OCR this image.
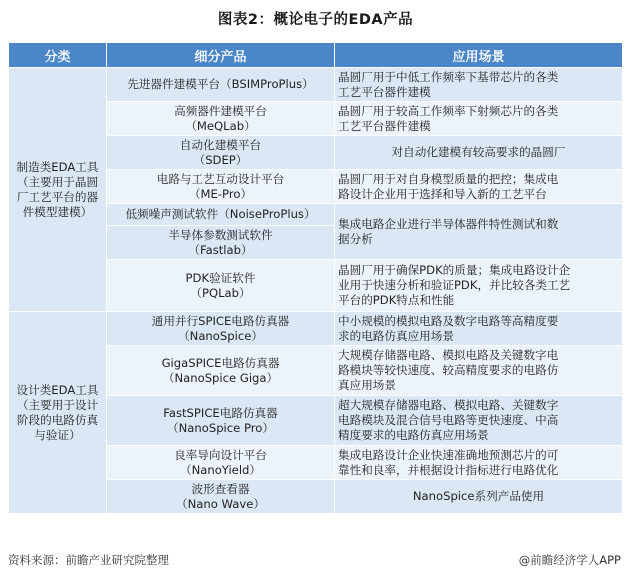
图表2：概论电子的EDA产品
分类	细分产品	应用场景
制造类EDA工具
（主要用于晶圆
厂工艺平台的器
件模型建模）	先进器件建模平台（BSIMProPlus）	晶圆厂用于中低工作频率下基带芯片的各类
工艺平台器件建模
	高频器件建模平台
（MeQLab）	晶圆厂用于较高工作频率下射频芯片的各类
工艺平台器件建模
	自动化建模平台
（SDEP）	对自动化建模有较高要求的晶圆厂
	电路与工艺互动设计平台
（ME-Pro）	晶圆厂用于对自身模型质量的把控；集成电
路设计企业用于选择和导入新的工艺平台
	低频噪声测试软件（NoiseProPlus）	集成电路企业进行半导体器件特性测试和数
据分析
	半导体参数测试软件
（Fastlab）	
	PDK验证软件
（PQLab）	晶圆厂用于确保PDK的质量；集成电路设计企
业用于快速分析和验证PDK，并比较各类工艺
平台的PDK特点和性能
设计类EDA工具
（主要用于设计
阶段的电路仿真
与验证）	通用并行SPICE电路仿真器
（NanoSpice）	中小规模的模拟电路及数字电路等高精度要
求的电路仿真应用场景
	GigaSPICE电路仿真器
（NanoSpice Giga）	大规模存储器电路、模拟电路及关键数字电
路模块等较快速度、较高精度要求的电路仿
真应用场景
	FastSPICE电路仿真器
（NanoSpice Pro）	超大规模存储器电路、模拟电路、关键数字
电路模块及混合信号电路等更快速度、中高
精度要求的电路仿真应用场景
	良率导向设计平台
（NanoYield）	集成电路设计企业快速准确地预测芯片的可
靠性和良率，并根据设计指标进行电路优化
	波形查看器
（Nano Wave）	NanoSpice系列产品使用
资料来源：前瞻产业研究院整理	@前瞻经济学人APP
